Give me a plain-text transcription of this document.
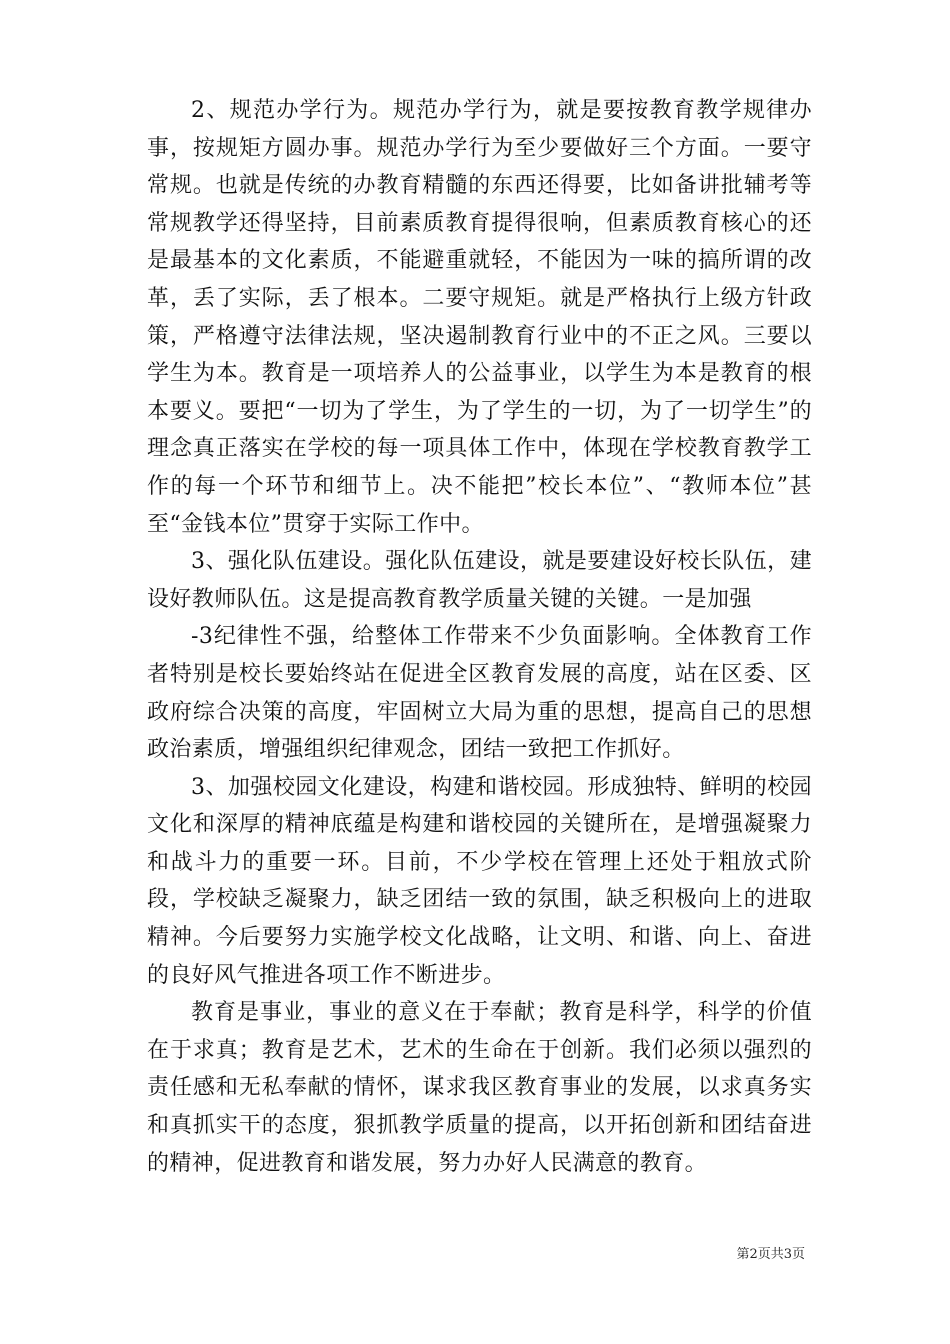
2、规范办学行为。规范办学行为，就是要按教育教学规律办事，按规矩方圆办事。规范办学行为至少要做好三个方面。一要守常规。也就是传统的办教育精髓的东西还得要，比如备讲批辅考等常规教学还得坚持，目前素质教育提得很响，但素质教育核心的还是最基本的文化素质，不能避重就轻，不能因为一味的搞所谓的改革，丢了实际，丢了根本。二要守规矩。就是严格执行上级方针政策，严格遵守法律法规，坚决遏制教育行业中的不正之风。三要以学生为本。教育是一项培养人的公益事业，以学生为本是教育的根本要义。要把“一切为了学生，为了学生的一切，为了一切学生”的理念真正落实在学校的每一项具体工作中，体现在学校教育教学工作的每一个环节和细节上。决不能把”校长本位”、“教师本位”甚至“金钱本位”贯穿于实际工作中。

3、强化队伍建设。强化队伍建设，就是要建设好校长队伍，建设好教师队伍。这是提高教育教学质量关键的关键。一是加强

-3纪律性不强，给整体工作带来不少负面影响。全体教育工作者特别是校长要始终站在促进全区教育发展的高度，站在区委、区政府综合决策的高度，牢固树立大局为重的思想，提高自己的思想政治素质，增强组织纪律观念，团结一致把工作抓好。

3、加强校园文化建设，构建和谐校园。形成独特、鲜明的校园文化和深厚的精神底蕴是构建和谐校园的关键所在，是增强凝聚力和战斗力的重要一环。目前，不少学校在管理上还处于粗放式阶段，学校缺乏凝聚力，缺乏团结一致的氛围，缺乏积极向上的进取精神。今后要努力实施学校文化战略，让文明、和谐、向上、奋进的良好风气推进各项工作不断进步。

教育是事业，事业的意义在于奉献；教育是科学，科学的价值在于求真；教育是艺术，艺术的生命在于创新。我们必须以强烈的责任感和无私奉献的情怀，谋求我区教育事业的发展，以求真务实和真抓实干的态度，狠抓教学质量的提高，以开拓创新和团结奋进的精神，促进教育和谐发展，努力办好人民满意的教育。

第2页共3页
